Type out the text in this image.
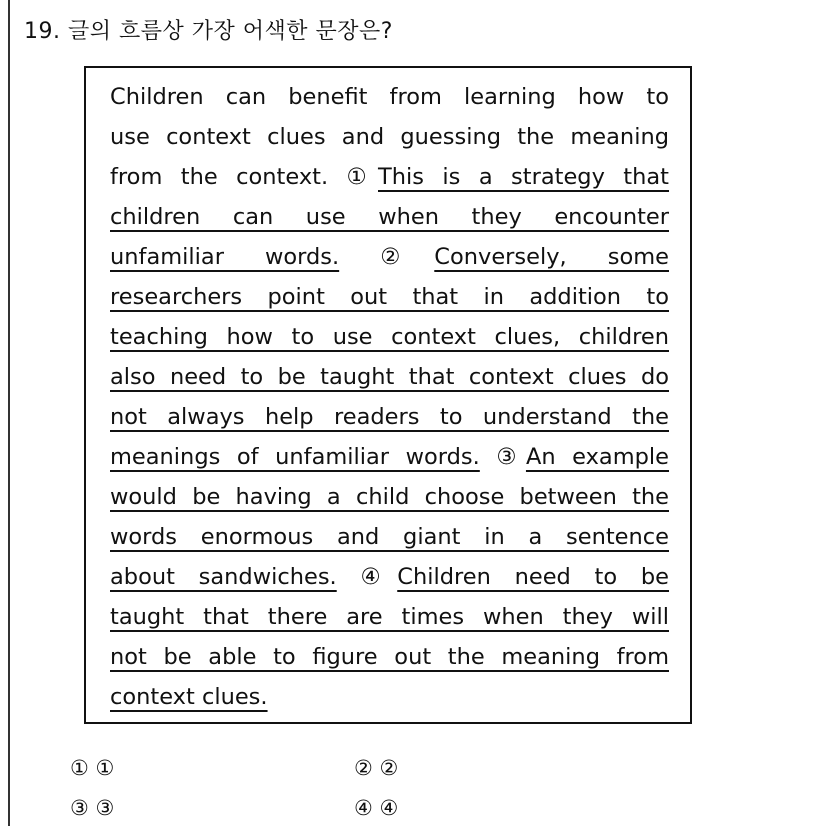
19. 글의 흐름상 가장 어색한 문장은?
Children can benefit from learning how to
use context clues and guessing the meaning
from the context. ①This is a strategy that
children can use when they encounter
unfamiliar words. ②Conversely, some
researchers point out that in addition to
teaching how to use context clues, children
also need to be taught that context clues do
not always help readers to understand the
meanings of unfamiliar words. ③An example
would be having a child choose between the
words enormous and giant in a sentence
about sandwiches. ④Children need to be
taught that there are times when they will
not be able to figure out the meaning from
context clues.
① ①	② ②
③ ③	④ ④
